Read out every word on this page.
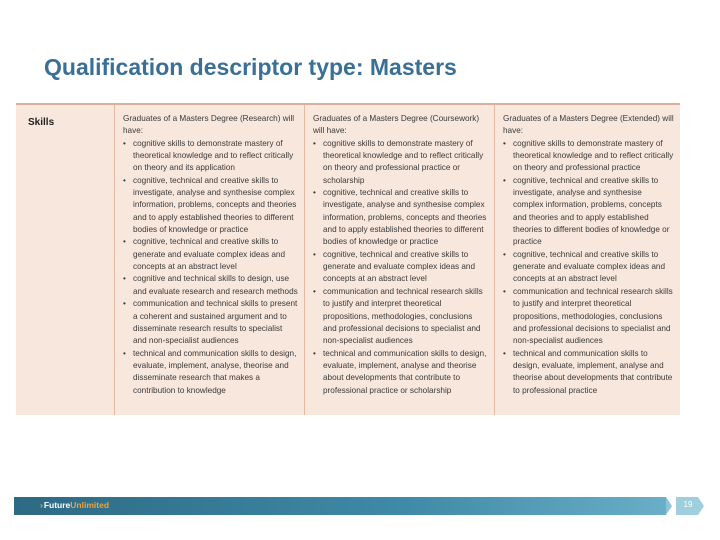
Qualification descriptor type: Masters
Skills	Graduates of a Masters Degree (Research) will have:

• cognitive skills to demonstrate mastery of theoretical knowledge and to reflect critically on theory and its application
• cognitive, technical and creative skills to investigate, analyse and synthesise complex information, problems, concepts and theories and to apply established theories to different bodies of knowledge or practice
• cognitive, technical and creative skills to generate and evaluate complex ideas and concepts at an abstract level
• cognitive and technical skills to design, use and evaluate research and research methods
• communication and technical skills to present a coherent and sustained argument and to disseminate research results to specialist and non-specialist audiences
• technical and communication skills to design, evaluate, implement, analyse, theorise and disseminate research that makes a contribution to knowledge

Graduates of a Masters Degree (Coursework) will have:

• cognitive skills to demonstrate mastery of theoretical knowledge and to reflect critically on theory and professional practice or scholarship
• cognitive, technical and creative skills to investigate, analyse and synthesise complex information, problems, concepts and theories and to apply established theories to different bodies of knowledge or practice
• cognitive, technical and creative skills to generate and evaluate complex ideas and concepts at an abstract level
• communication and technical research skills to justify and interpret theoretical propositions, methodologies, conclusions and professional decisions to specialist and non-specialist audiences
• technical and communication skills to design, evaluate, implement, analyse and theorise about developments that contribute to professional practice or scholarship

Graduates of a Masters Degree (Extended) will have:

• cognitive skills to demonstrate mastery of theoretical knowledge and to reflect critically on theory and professional practice
• cognitive, technical and creative skills to investigate, analyse and synthesise complex information, problems, concepts and theories and to apply established theories to different bodies of knowledge or practice
• cognitive, technical and creative skills to generate and evaluate complex ideas and concepts at an abstract level
• communication and technical research skills to justify and interpret theoretical propositions, methodologies, conclusions and professional decisions to specialist and non-specialist audiences
• technical and communication skills to design, evaluate, implement, analyse and theorise about developments that contribute to professional practice
›FutureUnlimited	19
